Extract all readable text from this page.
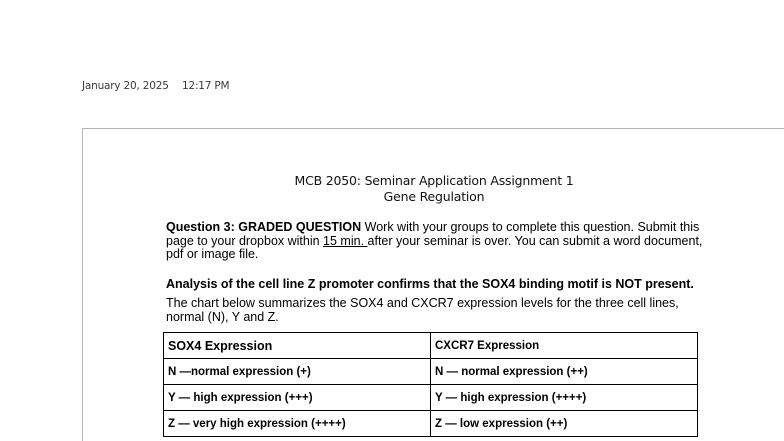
January 20, 2025 12:17 PM
MCB 2050: Seminar Application Assignment 1
Gene Regulation
Question 3: GRADED QUESTION Work with your groups to complete this question. Submit this page to your dropbox within 15 min. after your seminar is over. You can submit a word document, pdf or image file.
Analysis of the cell line Z promoter confirms that the SOX4 binding motif is NOT present.
The chart below summarizes the SOX4 and CXCR7 expression levels for the three cell lines, normal (N), Y and Z.
SOX4 Expression	CXCR7 Expression
N —normal expression (+)	N — normal expression (++)
Y — high expression (+++)	Y — high expression (++++)
Z — very high expression (++++)	Z — low expression (++)
